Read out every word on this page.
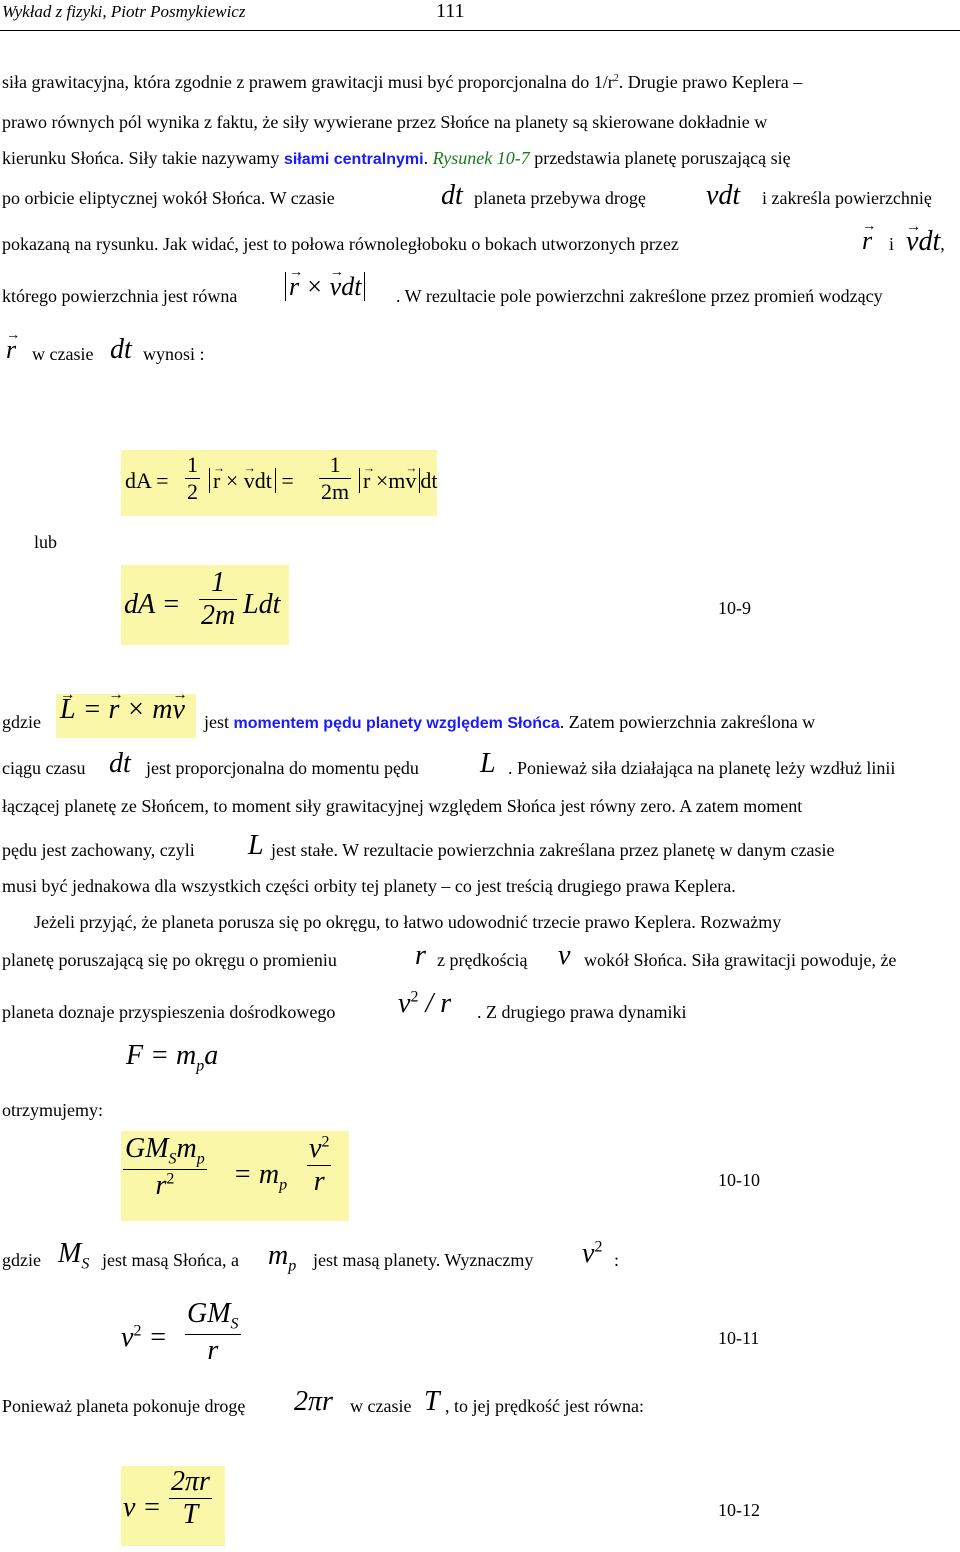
Wykład z fizyki, Piotr Posmykiewicz	111
siła grawitacyjna, która zgodnie z prawem grawitacji musi być proporcjonalna do $1/r^2$. Drugie prawo Keplera –
prawo równych pól wynika z faktu, że siły wywierane przez Słońce na planety są skierowane dokładnie w
kierunku Słońca. Siły takie nazywamy siłami centralnymi. Rysunek 10-7 przedstawia planetę poruszającą się
po orbicie eliptycznej wokół Słońca. W czasie	dt planeta przebywa drogę vdt i zakreśla powierzchnię
pokazaną na rysunku. Jak widać, jest to połowa równoległoboku o bokach utworzonych przez
→	r i
→ vdt,
którego powierzchnia jest równa
→ r × → vdt . W rezultacie pole powierzchni zakreślone przez promień wodzący
→ r w czasie dt wynosi :
dA = $\frac{1}{2}$
→ r × → vdt = $\frac{1}{2m}$
→ r ×m→ v dt
lub
dA = $\frac{1}{2m}$ Ldt	10-9
gdzie
→ L = → r × m→ v	jest momentem pędu planety względem Słońca. Zatem powierzchnia zakreślona w
ciągu czasu dt jest proporcjonalna do momentu pędu L . Ponieważ siła działająca na planetę leży wzdłuż linii
łączącej planetę ze Słońcem, to moment siły grawitacyjnej względem Słońca jest równy zero. A zatem moment
pędu jest zachowany, czyli L jest stałe. W rezultacie powierzchnia zakreślana przez planetę w danym czasie
musi być jednakowa dla wszystkich części orbity tej planety – co jest treścią drugiego prawa Keplera.
Jeżeli przyjąć, że planeta porusza się po okręgu, to łatwo udowodnić trzecie prawo Keplera. Rozważmy
planetę poruszającą się po okręgu o promieniu	r z prędkością v wokół Słońca. Siła grawitacji powoduje, że
planeta doznaje przyspieszenia dośrodkowego $v^2$ / r . Z drugiego prawa dynamiki
$F = m_pa$
otrzymujemy:
$GM_Sm_p$
$r^2$	= $m_p \frac{v^2}{r}$	10-10
gdzie $M_S$ jest masą Słońca, a $m_p$ jest masą planety. Wyznaczmy $v^2$
:
$v^2$ =
$GM_S$
r	10-11
Ponieważ planeta pokonuje drogę 2πr w czasie T , to jej prędkość jest równa:
$v = \frac{2\pi r}{T}$	10-12
